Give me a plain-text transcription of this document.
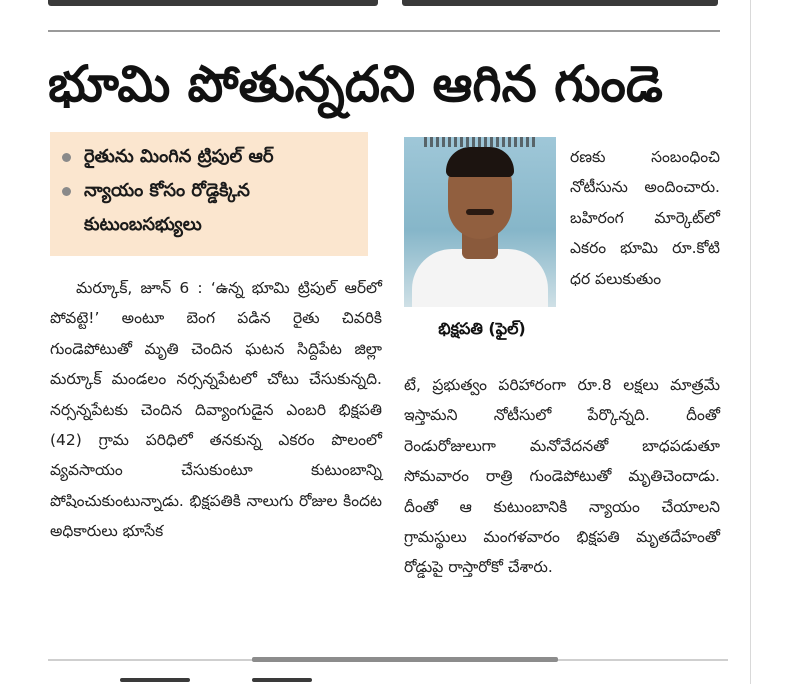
భూమి పోతున్నదని ఆగిన గుండె
రైతును మింగిన ట్రిపుల్ ఆర్
న్యాయం కోసం రోడ్డెక్కిన కుటుంబసభ్యులు
భిక్షపతి (ఫైల్)
మర్కూక్, జూన్ 6 : ‘ఉన్న భూమి ట్రిపుల్ ఆర్‌లో పోవట్టె!’ అంటూ బెంగ పడిన రైతు చివరికి గుండెపోటుతో మృతి చెందిన ఘటన సిద్దిపేట జిల్లా మర్కూక్ మండలం నర్సన్నపేటలో చోటు చేసుకున్నది. నర్సన్నపేటకు చెందిన దివ్యాంగుడైన ఎంబరి భిక్షపతి (42) గ్రామ పరిధిలో తనకున్న ఎకరం పొలంలో వ్యవసాయం చేసుకుంటూ కుటుంబాన్ని పోషించుకుంటున్నాడు. భిక్షపతికి నాలుగు రోజుల కిందట అధికారులు భూసేక
రణకు సంబంధించి నోటీసును అందించారు. బహిరంగ మార్కెట్‌లో ఎకరం భూమి రూ.కోటి ధర పలుకుతుం
టే, ప్రభుత్వం పరిహారంగా రూ.8 లక్షలు మాత్రమే ఇస్తామని నోటీసులో పేర్కొన్నది. దీంతో రెండురోజులుగా మనోవేదనతో బాధపడుతూ సోమవారం రాత్రి గుండెపోటుతో మృతిచెందాడు. దీంతో ఆ కుటుంబానికి న్యాయం చేయాలని గ్రామస్థులు మంగళవారం భిక్షపతి మృతదేహంతో రోడ్డుపై రాస్తారోకో చేశారు.
